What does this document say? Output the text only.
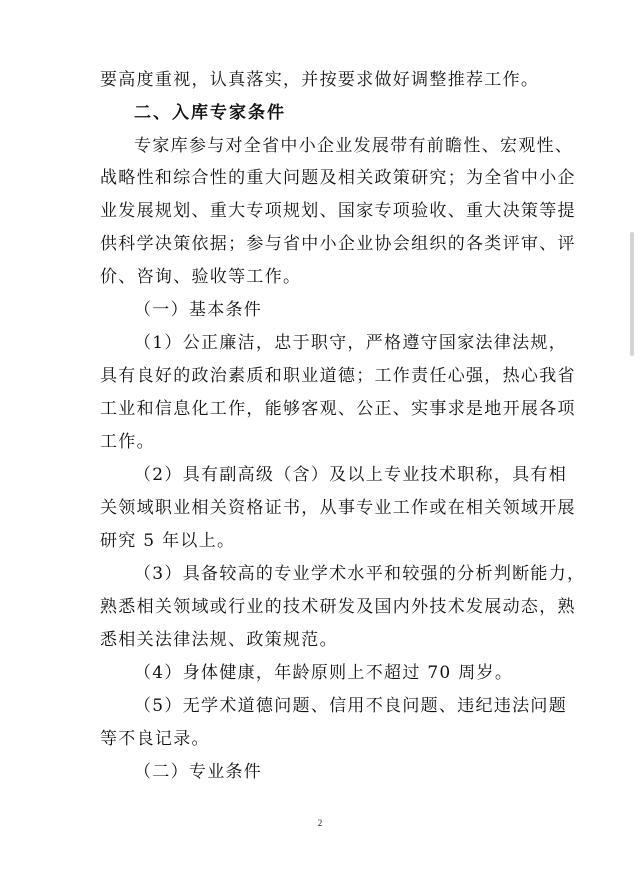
要高度重视，认真落实，并按要求做好调整推荐工作。
二、入库专家条件
专家库参与对全省中小企业发展带有前瞻性、宏观性、
战略性和综合性的重大问题及相关政策研究；为全省中小企
业发展规划、重大专项规划、国家专项验收、重大决策等提
供科学决策依据；参与省中小企业协会组织的各类评审、评
价、咨询、验收等工作。
（一）基本条件
（1）公正廉洁，忠于职守，严格遵守国家法律法规，
具有良好的政治素质和职业道德；工作责任心强，热心我省
工业和信息化工作，能够客观、公正、实事求是地开展各项
工作。
（2）具有副高级（含）及以上专业技术职称，具有相
关领域职业相关资格证书，从事专业工作或在相关领域开展
研究 5 年以上。
（3）具备较高的专业学术水平和较强的分析判断能力，
熟悉相关领域或行业的技术研发及国内外技术发展动态，熟
悉相关法律法规、政策规范。
（4）身体健康，年龄原则上不超过 70 周岁。
（5）无学术道德问题、信用不良问题、违纪违法问题
等不良记录。
（二）专业条件
2
